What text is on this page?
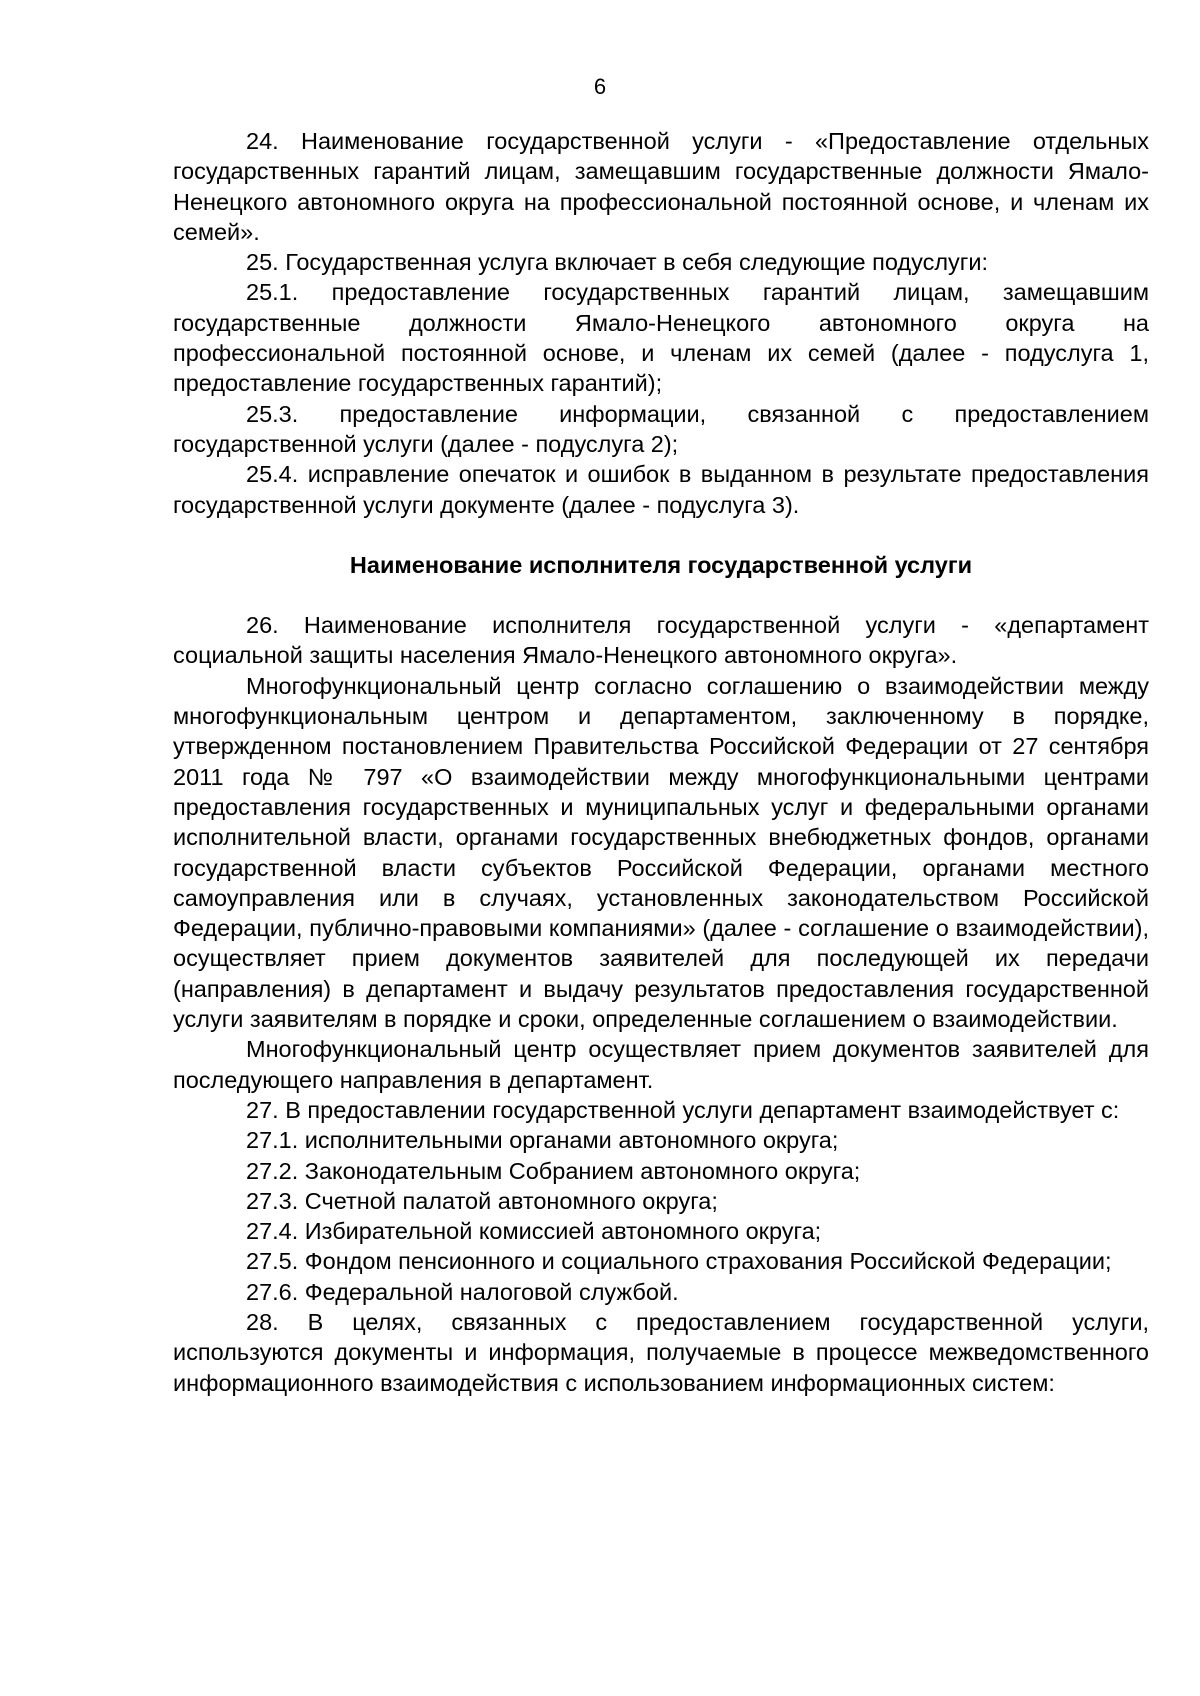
6

24. Наименование государственной услуги - «Предоставление отдельных государственных гарантий лицам, замещавшим государственные должности Ямало-Ненецкого автономного округа на профессиональной постоянной основе, и членам их семей».

25. Государственная услуга включает в себя следующие подуслуги:

25.1. предоставление государственных гарантий лицам, замещавшим государственные должности Ямало-Ненецкого автономного округа на профессиональной постоянной основе, и членам их семей (далее - подуслуга 1, предоставление государственных гарантий);

25.3. предоставление информации, связанной с предоставлением государственной услуги (далее - подуслуга 2);

25.4. исправление опечаток и ошибок в выданном в результате предоставления государственной услуги документе (далее - подуслуга 3).

Наименование исполнителя государственной услуги

26. Наименование исполнителя государственной услуги - «департамент социальной защиты населения Ямало-Ненецкого автономного округа».

Многофункциональный центр согласно соглашению о взаимодействии между многофункциональным центром и департаментом, заключенному в порядке, утвержденном постановлением Правительства Российской Федерации от 27 сентября 2011 года № 797 «О взаимодействии между многофункциональными центрами предоставления государственных и муниципальных услуг и федеральными органами исполнительной власти, органами государственных внебюджетных фондов, органами государственной власти субъектов Российской Федерации, органами местного самоуправления или в случаях, установленных законодательством Российской Федерации, публично-правовыми компаниями» (далее - соглашение о взаимодействии), осуществляет прием документов заявителей для последующей их передачи (направления) в департамент и выдачу результатов предоставления государственной услуги заявителям в порядке и сроки, определенные соглашением о взаимодействии.

Многофункциональный центр осуществляет прием документов заявителей для последующего направления в департамент.

27. В предоставлении государственной услуги департамент взаимодействует с:

27.1. исполнительными органами автономного округа;

27.2. Законодательным Собранием автономного округа;

27.3. Счетной палатой автономного округа;

27.4. Избирательной комиссией автономного округа;

27.5. Фондом пенсионного и социального страхования Российской Федерации;

27.6. Федеральной налоговой службой.

28. В целях, связанных с предоставлением государственной услуги, используются документы и информация, получаемые в процессе межведомственного информационного взаимодействия с использованием информационных систем:
